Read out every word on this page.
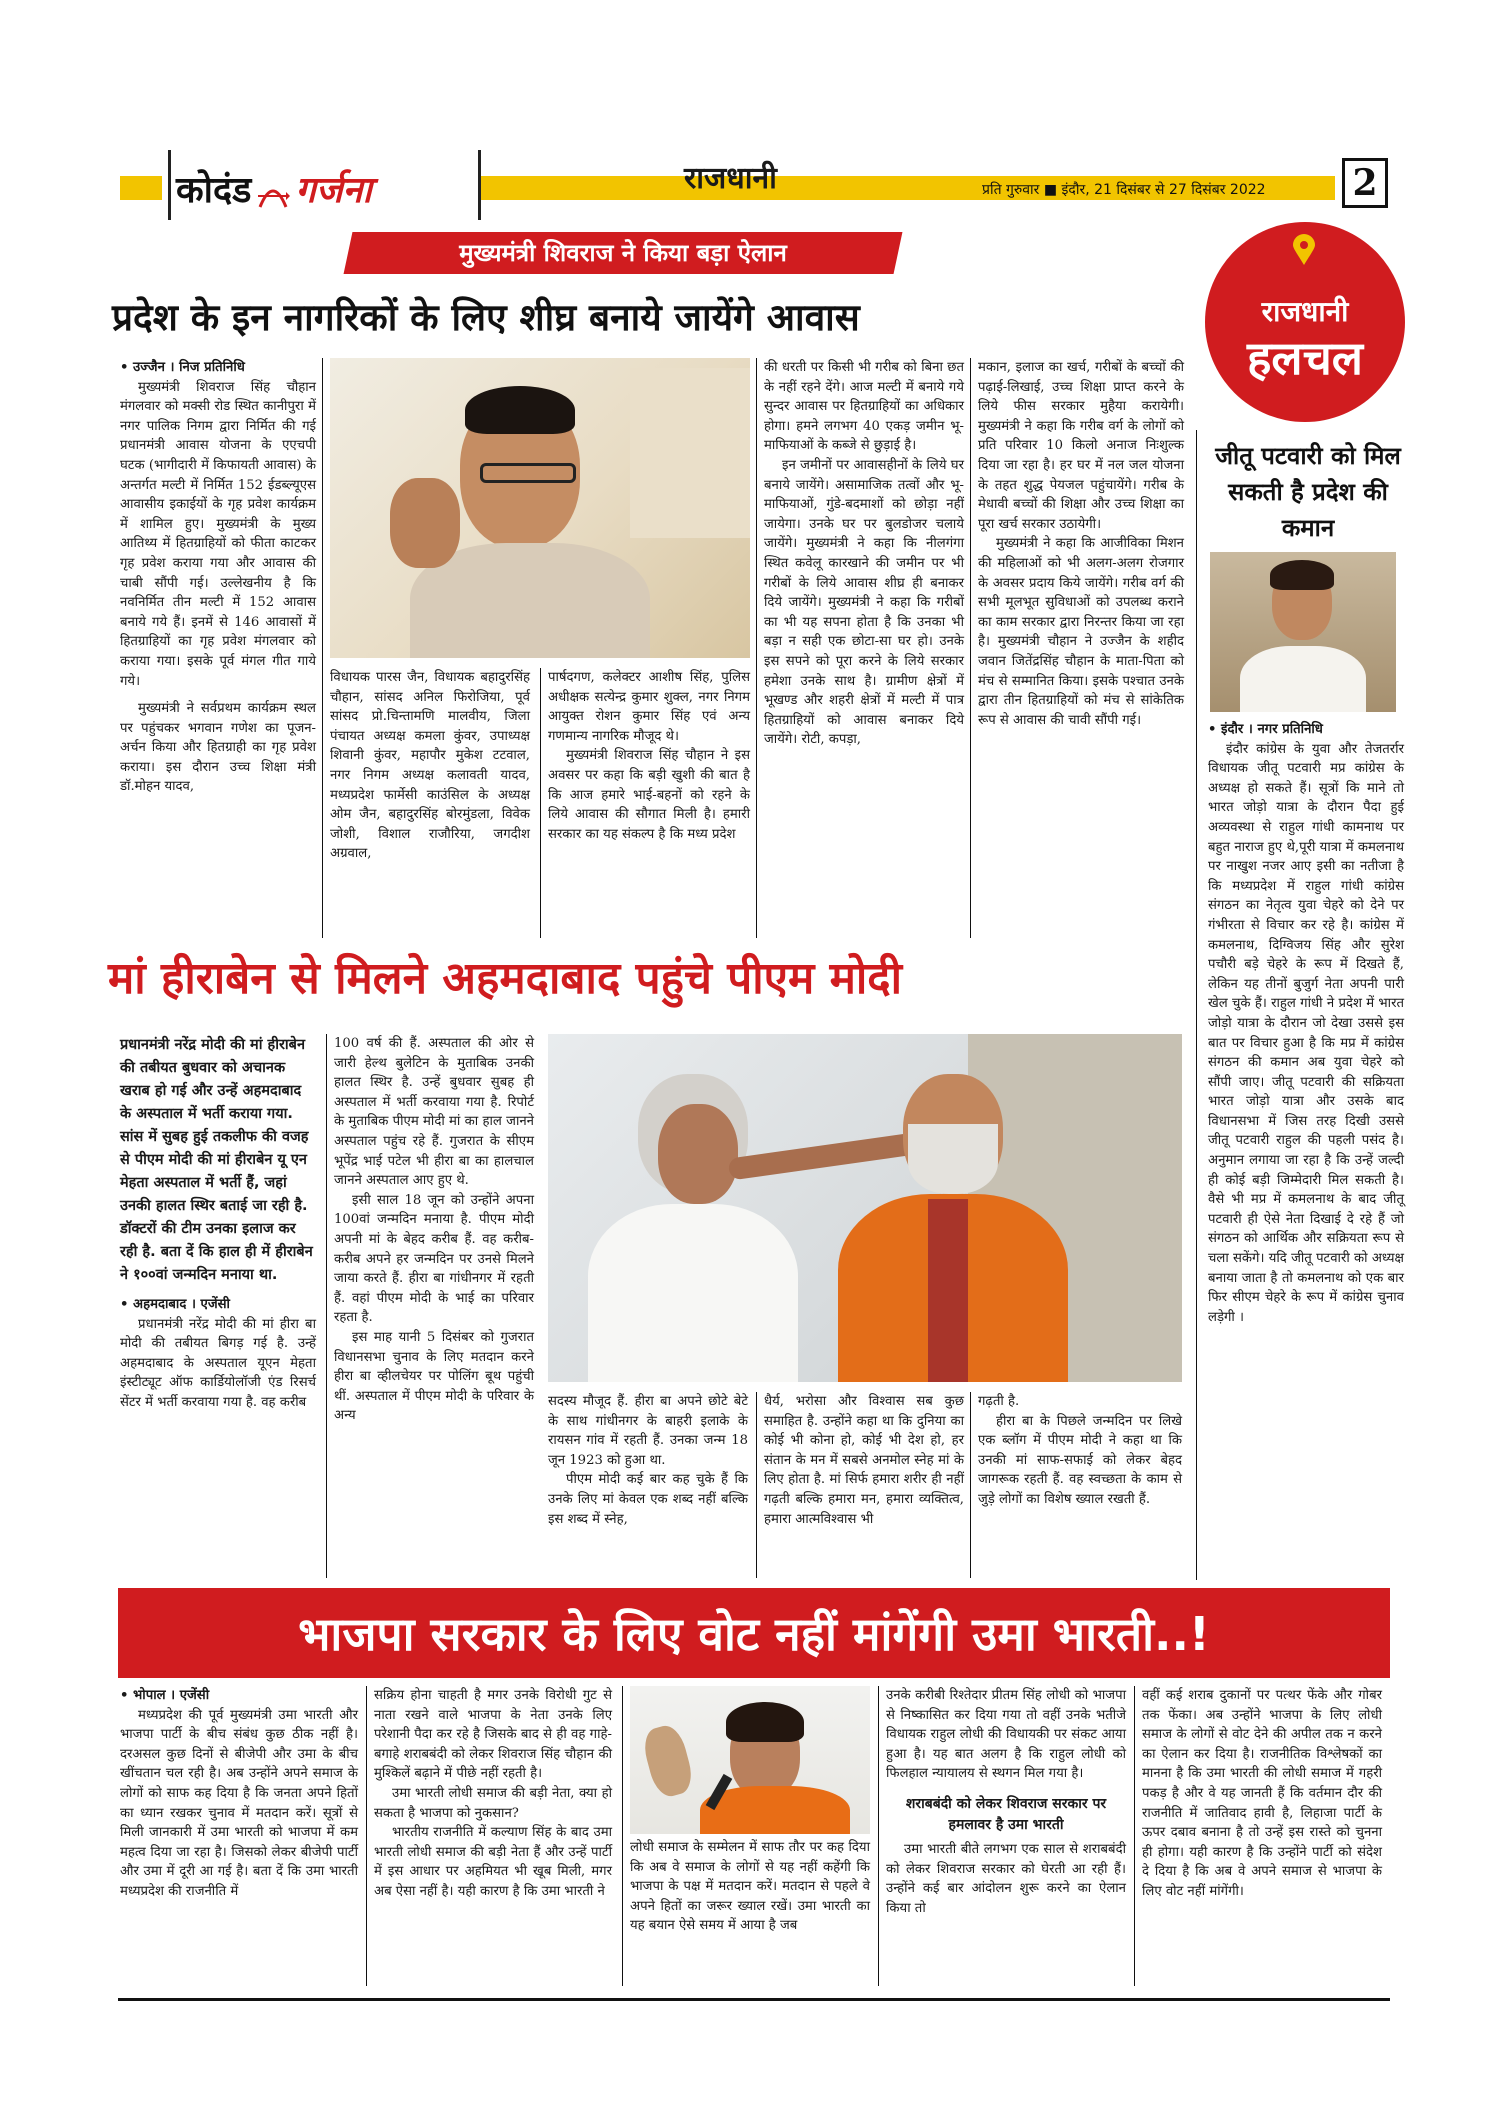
कोदंड गर्जना	राजधानी	प्रति गुरुवार ■ इंदौर, 21 दिसंबर से 27 दिसंबर 2022 2
राजधानी
हलचल
जीतू पटवारी को मिल सकती है प्रदेश की कमान
• इंदौर । नगर प्रतिनिधि

इंदौर कांग्रेस के युवा और तेजतर्रार विधायक जीतू पटवारी मप्र कांग्रेस के अध्यक्ष हो सकते हैं। सूत्रों कि माने तो भारत जोड़ो यात्रा के दौरान पैदा हुई अव्यवस्था से राहुल गांधी कामनाथ पर बहुत नाराज हुए थे,पूरी यात्रा में कमलनाथ पर नाखुश नजर आए इसी का नतीजा है कि मध्यप्रदेश में राहुल गांधी कांग्रेस संगठन का नेतृत्व युवा चेहरे को देने पर गंभीरता से विचार कर रहे है। कांग्रेस में कमलनाथ, दिग्विजय सिंह और सुरेश पचौरी बड़े चेहरे के रूप में दिखते हैं, लेकिन यह तीनों बुजुर्ग नेता अपनी पारी खेल चुके हैं। राहुल गांधी ने प्रदेश में भारत जोड़ो यात्रा के दौरान जो देखा उससे इस बात पर विचार हुआ है कि मप्र में कांग्रेस संगठन की कमान अब युवा चेहरे को सौंपी जाए। जीतू पटवारी की सक्रियता भारत जोड़ो यात्रा और उसके बाद विधानसभा में जिस तरह दिखी उससे जीतू पटवारी राहुल की पहली पसंद है। अनुमान लगाया जा रहा है कि उन्हें जल्दी ही कोई बड़ी जिम्मेदारी मिल सकती है। वैसे भी मप्र में कमलनाथ के बाद जीतू पटवारी ही ऐसे नेता दिखाई दे रहे हैं जो संगठन को आर्थिक और सक्रियता रूप से चला सकेंगे। यदि जीतू पटवारी को अध्यक्ष बनाया जाता है तो कमलनाथ को एक बार फिर सीएम चेहरे के रूप में कांग्रेस चुनाव लड़ेगी ।

मुख्यमंत्री शिवराज ने किया बड़ा ऐलान
प्रदेश के इन नागरिकों के लिए शीघ्र बनाये जायेंगे आवास
• उज्जैन । निज प्रतिनिधि

मुख्यमंत्री शिवराज सिंह चौहान मंगलवार को मक्सी रोड स्थित कानीपुरा में नगर पालिक निगम द्वारा निर्मित की गई प्रधानमंत्री आवास योजना के एएचपी घटक (भागीदारी में किफायती आवास) के अन्तर्गत मल्टी में निर्मित 152 ईडब्ल्यूएस आवासीय इकाईयों के गृह प्रवेश कार्यक्रम में शामिल हुए। मुख्यमंत्री के मुख्य आतिथ्य में हितग्राहियों को फीता काटकर गृह प्रवेश कराया गया और आवास की चाबी सौंपी गई। उल्लेखनीय है कि नवनिर्मित तीन मल्टी में 152 आवास बनाये गये हैं। इनमें से 146 आवासों में हितग्राहियों का गृह प्रवेश मंगलवार को कराया गया। इसके पूर्व मंगल गीत गाये गये।

मुख्यमंत्री ने सर्वप्रथम कार्यक्रम स्थल पर पहुंचकर भगवान गणेश का पूजन-अर्चन किया और हितग्राही का गृह प्रवेश कराया। इस दौरान उच्च शिक्षा मंत्री डॉ.मोहन यादव,

विधायक पारस जैन, विधायक बहादुरसिंह चौहान, सांसद अनिल फिरोजिया, पूर्व सांसद प्रो.चिन्तामणि मालवीय, जिला पंचायत अध्यक्ष कमला कुंवर, उपाध्यक्ष शिवानी कुंवर, महापौर मुकेश टटवाल, नगर निगम अध्यक्ष कलावती यादव, मध्यप्रदेश फार्मेसी काउंसिल के अध्यक्ष ओम जैन, बहादुरसिंह बोरमुंडला, विवेक जोशी, विशाल राजौरिया, जगदीश अग्रवाल,

पार्षदगण, कलेक्टर आशीष सिंह, पुलिस अधीक्षक सत्येन्द्र कुमार शुक्ल, नगर निगम आयुक्त रोशन कुमार सिंह एवं अन्य गणमान्य नागरिक मौजूद थे।

मुख्यमंत्री शिवराज सिंह चौहान ने इस अवसर पर कहा कि बड़ी खुशी की बात है कि आज हमारे भाई-बहनों को रहने के लिये आवास की सौगात मिली है। हमारी सरकार का यह संकल्प है कि मध्य प्रदेश

की धरती पर किसी भी गरीब को बिना छत के नहीं रहने देंगे। आज मल्टी में बनाये गये सुन्दर आवास पर हितग्राहियों का अधिकार होगा। हमने लगभग 40 एकड़ जमीन भू-माफियाओं के कब्जे से छुड़ाई है।

इन जमीनों पर आवासहीनों के लिये घर बनाये जायेंगे। असामाजिक तत्वों और भू-माफियाओं, गुंडे-बदमाशों को छोड़ा नहीं जायेगा। उनके घर पर बुलडोजर चलाये जायेंगे। मुख्यमंत्री ने कहा कि नीलगंगा स्थित कवेलू कारखाने की जमीन पर भी गरीबों के लिये आवास शीघ्र ही बनाकर दिये जायेंगे। मुख्यमंत्री ने कहा कि गरीबों का भी यह सपना होता है कि उनका भी बड़ा न सही एक छोटा-सा घर हो। उनके इस सपने को पूरा करने के लिये सरकार हमेशा उनके साथ है। ग्रामीण क्षेत्रों में भूखण्ड और शहरी क्षेत्रों में मल्टी में पात्र हितग्राहियों को आवास बनाकर दिये जायेंगे। रोटी, कपड़ा,

मकान, इलाज का खर्च, गरीबों के बच्चों की पढ़ाई-लिखाई, उच्च शिक्षा प्राप्त करने के लिये फीस सरकार मुहैया करायेगी। मुख्यमंत्री ने कहा कि गरीब वर्ग के लोगों को प्रति परिवार 10 किलो अनाज निःशुल्क दिया जा रहा है। हर घर में नल जल योजना के तहत शुद्ध पेयजल पहुंचायेंगे। गरीब के मेधावी बच्चों की शिक्षा और उच्च शिक्षा का पूरा खर्च सरकार उठायेगी।

मुख्यमंत्री ने कहा कि आजीविका मिशन की महिलाओं को भी अलग-अलग रोजगार के अवसर प्रदाय किये जायेंगे। गरीब वर्ग की सभी मूलभूत सुविधाओं को उपलब्ध कराने का काम सरकार द्वारा निरन्तर किया जा रहा है। मुख्यमंत्री चौहान ने उज्जैन के शहीद जवान जितेंद्रसिंह चौहान के माता-पिता को मंच से सम्मानित किया। इसके पश्चात उनके द्वारा तीन हितग्राहियों को मंच से सांकेतिक रूप से आवास की चावी सौंपी गई।

मां हीराबेन से मिलने अहमदाबाद पहुंचे पीएम मोदी
प्रधानमंत्री नरेंद्र मोदी की मां हीराबेन की तबीयत बुधवार को अचानक खराब हो गई और उन्हें अहमदाबाद के अस्पताल में भर्ती कराया गया. सांस में सुबह हुई तकलीफ की वजह से पीएम मोदी की मां हीराबेन यू एन मेहता अस्पताल में भर्ती हैं, जहां उनकी हालत स्थिर बताई जा रही है. डॉक्टरों की टीम उनका इलाज कर रही है. बता दें कि हाल ही में हीराबेन ने १००वां जन्मदिन मनाया था.
• अहमदाबाद । एजेंसी

प्रधानमंत्री नरेंद्र मोदी की मां हीरा बा मोदी की तबीयत बिगड़ गई है. उन्हें अहमदाबाद के अस्पताल यूएन मेहता इंस्टीट्यूट ऑफ कार्डियोलॉजी एंड रिसर्च सेंटर में भर्ती करवाया गया है. वह करीब

100 वर्ष की हैं. अस्पताल की ओर से जारी हेल्थ बुलेटिन के मुताबिक उनकी हालत स्थिर है. उन्हें बुधवार सुबह ही अस्पताल में भर्ती करवाया गया है. रिपोर्ट के मुताबिक पीएम मोदी मां का हाल जानने अस्पताल पहुंच रहे हैं. गुजरात के सीएम भूपेंद्र भाई पटेल भी हीरा बा का हालचाल जानने अस्पताल आए हुए थे.

इसी साल 18 जून को उन्होंने अपना 100वां जन्मदिन मनाया है. पीएम मोदी अपनी मां के बेहद करीब हैं. वह करीब-करीब अपने हर जन्मदिन पर उनसे मिलने जाया करते हैं. हीरा बा गांधीनगर में रहती हैं. वहां पीएम मोदी के भाई का परिवार रहता है.

इस माह यानी 5 दिसंबर को गुजरात विधानसभा चुनाव के लिए मतदान करने हीरा बा व्हीलचेयर पर पोलिंग बूथ पहुंची थीं. अस्पताल में पीएम मोदी के परिवार के अन्य

सदस्य मौजूद हैं. हीरा बा अपने छोटे बेटे के साथ गांधीनगर के बाहरी इलाके के रायसन गांव में रहती हैं. उनका जन्म 18 जून 1923 को हुआ था.

पीएम मोदी कई बार कह चुके हैं कि उनके लिए मां केवल एक शब्द नहीं बल्कि इस शब्द में स्नेह,

धैर्य, भरोसा और विश्वास सब कुछ समाहित है. उन्होंने कहा था कि दुनिया का कोई भी कोना हो, कोई भी देश हो, हर संतान के मन में सबसे अनमोल स्नेह मां के लिए होता है. मां सिर्फ हमारा शरीर ही नहीं गढ़ती बल्कि हमारा मन, हमारा व्यक्तित्व, हमारा आत्मविश्वास भी

गढ़ती है.

हीरा बा के पिछले जन्मदिन पर लिखे एक ब्लॉग में पीएम मोदी ने कहा था कि उनकी मां साफ-सफाई को लेकर बेहद जागरूक रहती हैं. वह स्वच्छता के काम से जुड़े लोगों का विशेष ख्याल रखती हैं.

भाजपा सरकार के लिए वोट नहीं मांगेंगी उमा भारती..!
• भोपाल । एजेंसी

मध्यप्रदेश की पूर्व मुख्यमंत्री उमा भारती और भाजपा पार्टी के बीच संबंध कुछ ठीक नहीं है। दरअसल कुछ दिनों से बीजेपी और उमा के बीच खींचतान चल रही है। अब उन्होंने अपने समाज के लोगों को साफ कह दिया है कि जनता अपने हितों का ध्यान रखकर चुनाव में मतदान करें। सूत्रों से मिली जानकारी में उमा भारती को भाजपा में कम महत्व दिया जा रहा है। जिसको लेकर बीजेपी पार्टी और उमा में दूरी आ गई है। बता दें कि उमा भारती मध्यप्रदेश की राजनीति में

सक्रिय होना चाहती है मगर उनके विरोधी गुट से नाता रखने वाले भाजपा के नेता उनके लिए परेशानी पैदा कर रहे है जिसके बाद से ही वह गाहे-बगाहे शराबबंदी को लेकर शिवराज सिंह चौहान की मुश्किलें बढ़ाने में पीछे नहीं रहती है।

उमा भारती लोधी समाज की बड़ी नेता, क्या हो सकता है भाजपा को नुकसान?

भारतीय राजनीति में कल्याण सिंह के बाद उमा भारती लोधी समाज की बड़ी नेता हैं और उन्हें पार्टी में इस आधार पर अहमियत भी खूब मिली, मगर अब ऐसा नहीं है। यही कारण है कि उमा भारती ने

लोधी समाज के सम्मेलन में साफ तौर पर कह दिया कि अब वे समाज के लोगों से यह नहीं कहेंगी कि भाजपा के पक्ष में मतदान करें। मतदान से पहले वे अपने हितों का जरूर ख्याल रखें। उमा भारती का यह बयान ऐसे समय में आया है जब

उनके करीबी रिश्तेदार प्रीतम सिंह लोधी को भाजपा से निष्कासित कर दिया गया तो वहीं उनके भतीजे विधायक राहुल लोधी की विधायकी पर संकट आया हुआ है। यह बात अलग है कि राहुल लोधी को फिलहाल न्यायालय से स्थगन मिल गया है।

शराबबंदी को लेकर शिवराज सरकार पर हमलावर है उमा भारती

उमा भारती बीते लगभग एक साल से शराबबंदी को लेकर शिवराज सरकार को घेरती आ रही हैं। उन्होंने कई बार आंदोलन शुरू करने का ऐलान किया तो

वहीं कई शराब दुकानों पर पत्थर फेंके और गोबर तक फेंका। अब उन्होंने भाजपा के लिए लोधी समाज के लोगों से वोट देने की अपील तक न करने का ऐलान कर दिया है। राजनीतिक विश्लेषकों का मानना है कि उमा भारती की लोधी समाज में गहरी पकड़ है और वे यह जानती हैं कि वर्तमान दौर की राजनीति में जातिवाद हावी है, लिहाजा पार्टी के ऊपर दबाव बनाना है तो उन्हें इस रास्ते को चुनना ही होगा। यही कारण है कि उन्होंने पार्टी को संदेश दे दिया है कि अब वे अपने समाज से भाजपा के लिए वोट नहीं मांगेंगी।
